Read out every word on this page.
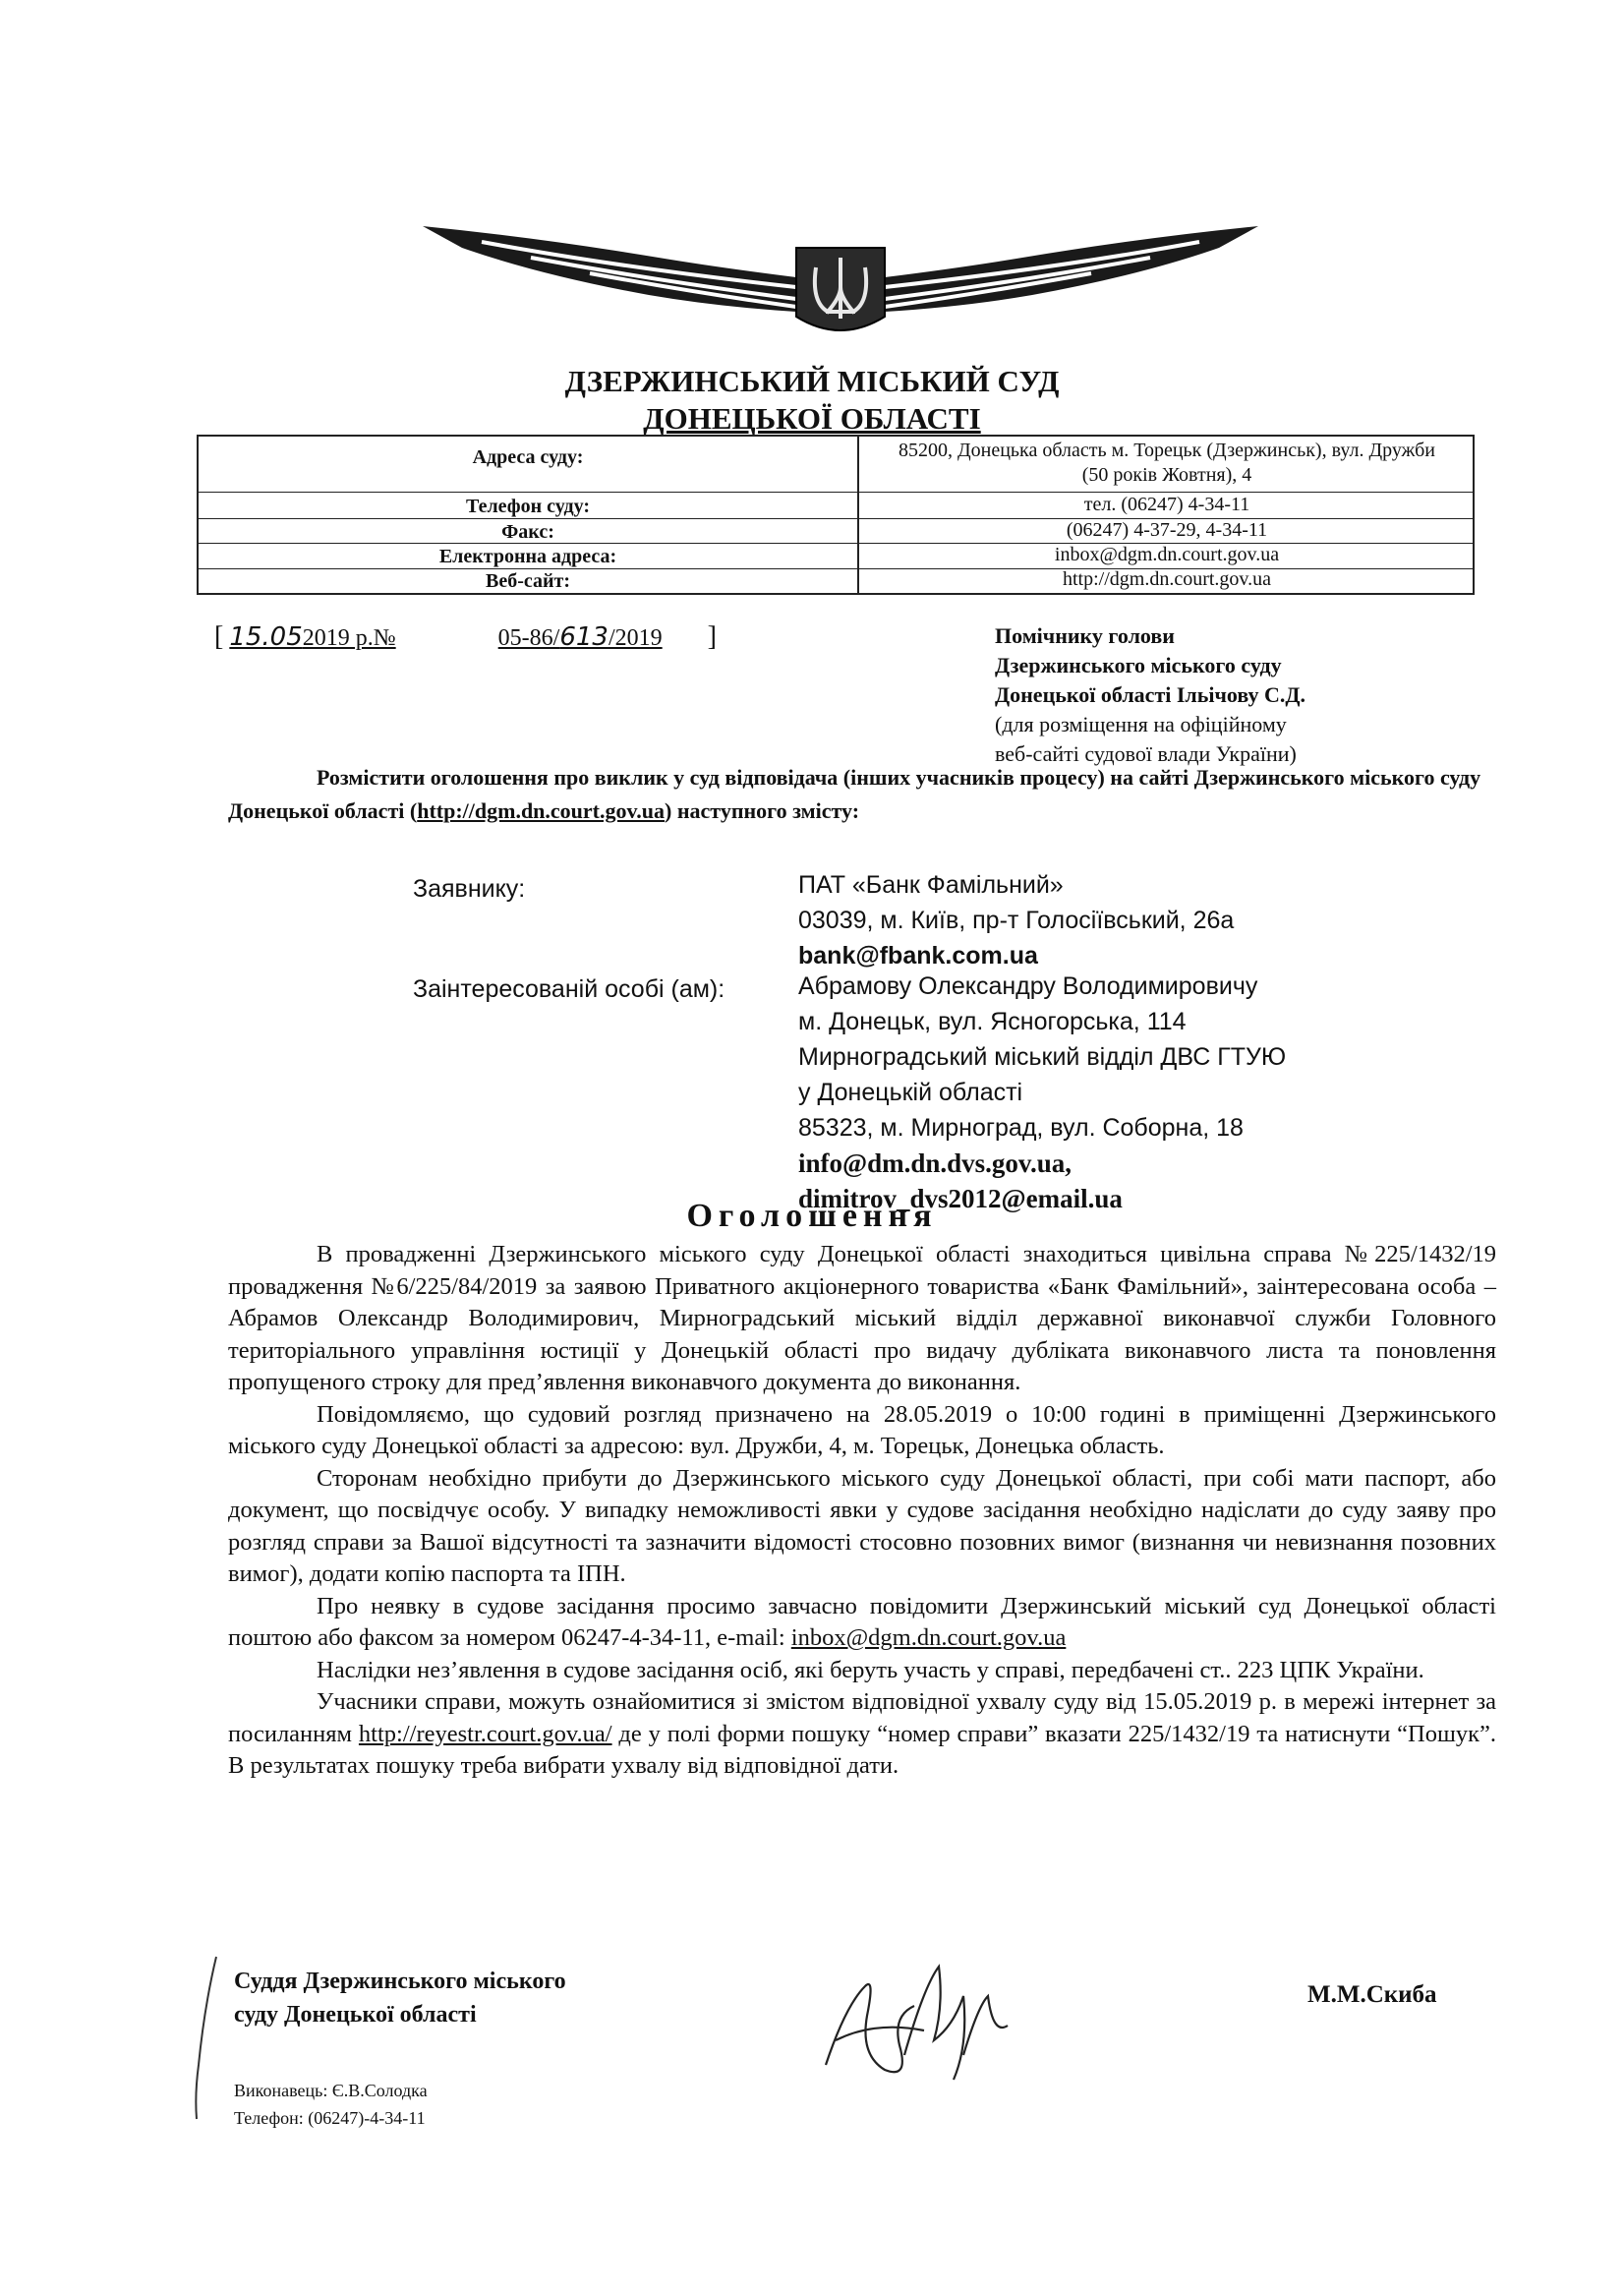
ДЗЕРЖИНСЬКИЙ МІСЬКИЙ СУД
ДОНЕЦЬКОЇ ОБЛАСТІ
Адреса суду:	85200, Донецька область м. Торецьк (Дзержинськ), вул. Дружби
(50 років Жовтня), 4
Телефон суду:	тел. (06247) 4-34-11
Факс:	(06247) 4-37-29, 4-34-11
Електронна адреса:	inbox@dgm.dn.court.gov.ua
Веб-сайт:	http://dgm.dn.court.gov.ua
[ 15.052019 р.№	05-86/613/2019 ]	Помічнику голови
Дзержинського міського суду
Донецької області Ільічову С.Д.
(для розміщення на офіційному
веб-сайті судової влади України)
Розмістити оголошення про виклик у суд відповідача (інших учасників процесу) на сайті Дзержинського міського суду Донецької області (http://dgm.dn.court.gov.ua) наступного змісту:
Заявнику:	ПАТ «Банк Фамільний»
03039, м. Київ, пр-т Голосіївський, 26а
bank@fbank.com.ua
Заінтересованій особі (ам):	Абрамову Олександру Володимировичу
м. Донецьк, вул. Ясногорська, 114
Мирноградський міський відділ ДВС ГТУЮ
у Донецькій області
85323, м. Мирноград, вул. Соборна, 18
info@dm.dn.dvs.gov.ua,
dimitrov_dvs2012@email.ua
Оголошення

В провадженні Дзержинського міського суду Донецької області знаходиться цивільна справа №225/1432/19 провадження №6/225/84/2019 за заявою Приватного акціонерного товариства «Банк Фамільний», заінтересована особа – Абрамов Олександр Володимирович, Мирноградський міський відділ державної виконавчої служби Головного територіального управління юстиції у Донецькій області про видачу дубліката виконавчого листа та поновлення пропущеного строку для пред’явлення виконавчого документа до виконання.

Повідомляємо, що судовий розгляд призначено на 28.05.2019 о 10:00 годині в приміщенні Дзержинського міського суду Донецької області за адресою: вул. Дружби, 4, м. Торецьк, Донецька область.

Сторонам необхідно прибути до Дзержинського міського суду Донецької області, при собі мати паспорт, або документ, що посвідчує особу. У випадку неможливості явки у судове засідання необхідно надіслати до суду заяву про розгляд справи за Вашої відсутності та зазначити відомості стосовно позовних вимог (визнання чи невизнання позовних вимог), додати копію паспорта та ІПН.

Про неявку в судове засідання просимо завчасно повідомити Дзержинський міський суд Донецької області поштою або факсом за номером 06247-4-34-11, e-mail: inbox@dgm.dn.court.gov.ua

Наслідки нез’явлення в судове засідання осіб, які беруть участь у справі, передбачені ст.. 223 ЦПК України.

Учасники справи, можуть ознайомитися зі змістом відповідної ухвалу суду від 15.05.2019 р. в мережі інтернет за посиланням http://reyestr.court.gov.ua/ де у полі форми пошуку “номер справи” вказати 225/1432/19 та натиснути “Пошук”. В результатах пошуку треба вибрати ухвалу від відповідної дати.

Суддя Дзержинського міського
суду Донецької області
М.М.Скиба
Виконавець: Є.В.Солодка
Телефон: (06247)-4-34-11
